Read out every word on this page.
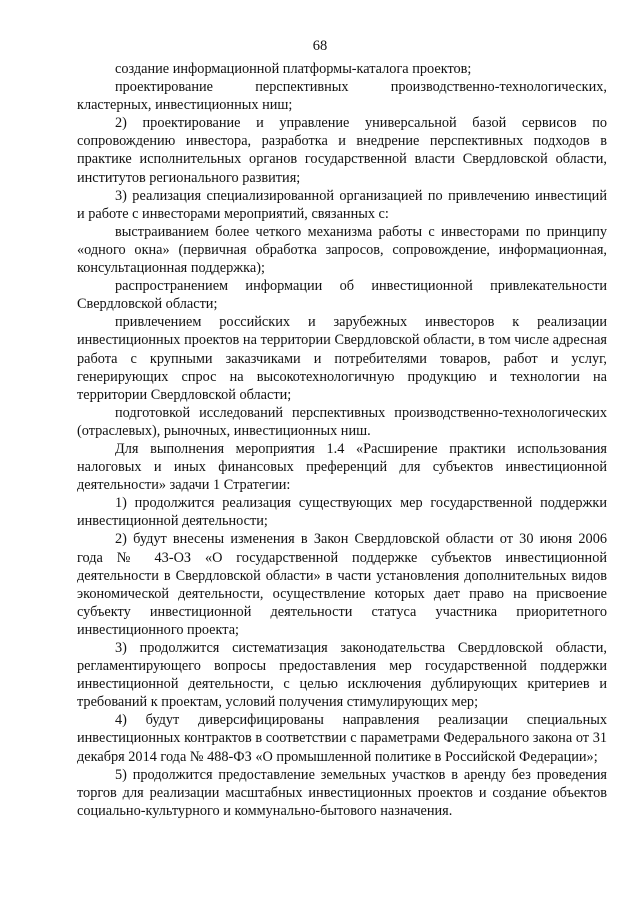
68

создание информационной платформы-каталога проектов;

проектирование перспективных производственно-технологических, кластерных, инвестиционных ниш;

2) проектирование и управление универсальной базой сервисов по сопровождению инвестора, разработка и внедрение перспективных подходов в практике исполнительных органов государственной власти Свердловской области, институтов регионального развития;

3) реализация специализированной организацией по привлечению инвестиций и работе с инвесторами мероприятий, связанных с:

выстраиванием более четкого механизма работы с инвесторами по принципу «одного окна» (первичная обработка запросов, сопровождение, информационная, консультационная поддержка);

распространением информации об инвестиционной привлекательности Свердловской области;

привлечением российских и зарубежных инвесторов к реализации инвестиционных проектов на территории Свердловской области, в том числе адресная работа с крупными заказчиками и потребителями товаров, работ и услуг, генерирующих спрос на высокотехнологичную продукцию и технологии на территории Свердловской области;

подготовкой исследований перспективных производственно-технологических (отраслевых), рыночных, инвестиционных ниш.

Для выполнения мероприятия 1.4 «Расширение практики использования налоговых и иных финансовых преференций для субъектов инвестиционной деятельности» задачи 1 Стратегии:

1) продолжится реализация существующих мер государственной поддержки инвестиционной деятельности;

2) будут внесены изменения в Закон Свердловской области от 30 июня 2006 года № 43-ОЗ «О государственной поддержке субъектов инвестиционной деятельности в Свердловской области» в части установления дополнительных видов экономической деятельности, осуществление которых дает право на присвоение субъекту инвестиционной деятельности статуса участника приоритетного инвестиционного проекта;

3) продолжится систематизация законодательства Свердловской области, регламентирующего вопросы предоставления мер государственной поддержки инвестиционной деятельности, с целью исключения дублирующих критериев и требований к проектам, условий получения стимулирующих мер;

4) будут диверсифицированы направления реализации специальных инвестиционных контрактов в соответствии с параметрами Федерального закона от 31 декабря 2014 года № 488-ФЗ «О промышленной политике в Российской Федерации»;

5) продолжится предоставление земельных участков в аренду без проведения торгов для реализации масштабных инвестиционных проектов и создание объектов социально-культурного и коммунально-бытового назначения.
